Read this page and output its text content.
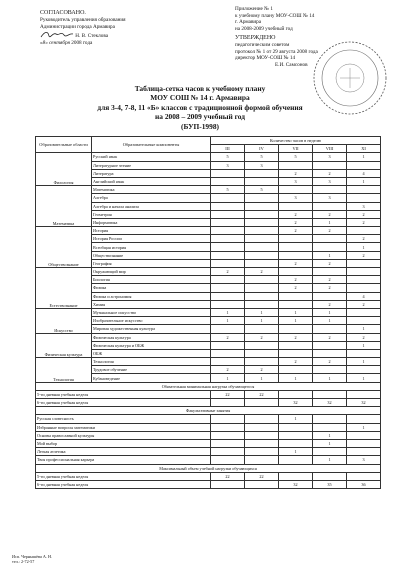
СОГЛАСОВАНО.
Руководитель управления образования
Администрации города Армавира
Н. В. Стеклова
«8» сентября 2008 года
Приложение № 1
к учебному плану МОУ-СОШ № 14
г. Армавира
на 2008-2009 учебный год
УТВЕРЖДЕНО
педагогическим советом
протокол № 1 от 29 августа 2008 года
директор МОУ-СОШ № 14
Е.И. Самсонов
Таблица-сетка часов к учебному плану
МОУ СОШ № 14 г. Армавира
для 3-4, 7-8, 11 «Б» классов с традиционной формой обучения
на 2008 – 2009 учебный год
(БУП-1998)
Образовательные области	Образовательные компоненты	Количество часов в неделю				
		III	IV	VII	VIII	XI
Филология	Русский язык	5	5	5	3	1
	Литературное чтение	3	3			
	Литература			2	2	4
	Английский язык			3	3	1
Математика	Математика	5	5			
	Алгебра			3	3	
	Алгебра и начала анализа					3
	Геометрия			2	2	2
	Информатика			2	1	2
Обществознание	История			2	2	
	История России					2
	Всеобщая история					1
	Обществознание				1	2
	География			2	2	
Естествознание	Окружающий мир	2	2			
	Биология			2	2	
	Физика			2	2	
	Физика и астрономия					4
	Химия				2	2
Искусство	Музыкальное искусство	1	1	1	1	
	Изобразительное искусство	1	1	1	1	
	Мировая художественная культура					1
Физическая культура	Физическая культура	2	2	2	2	2
	Физическая культура и ОБЖ					1
	ОБЖ					
Технология	Технология			2	2	1
	Трудовое обучение	2	2			
	Кубановедение	1	1	1	1	1
Обязательная минимальная нагрузка обучающегося						
5-ти дневная учебная неделя		22	22			
6-ти дневная учебная неделя				32	32	32
Факультативные занятия						
Русская словесность				1		
Избранные вопросы математики						1
Основы православной культуры					1	
Мой выбор					1	
Легкая атлетика				1		
Твоя профессиональная карьера					1	3
Максимальный объем учебной нагрузки обучающихся						
5-ти дневная учебная неделя		22	22			
6-ти дневная учебная неделя				32	35	36
Исп. Чернышёва А. Н.
тел.: 2-72-57
